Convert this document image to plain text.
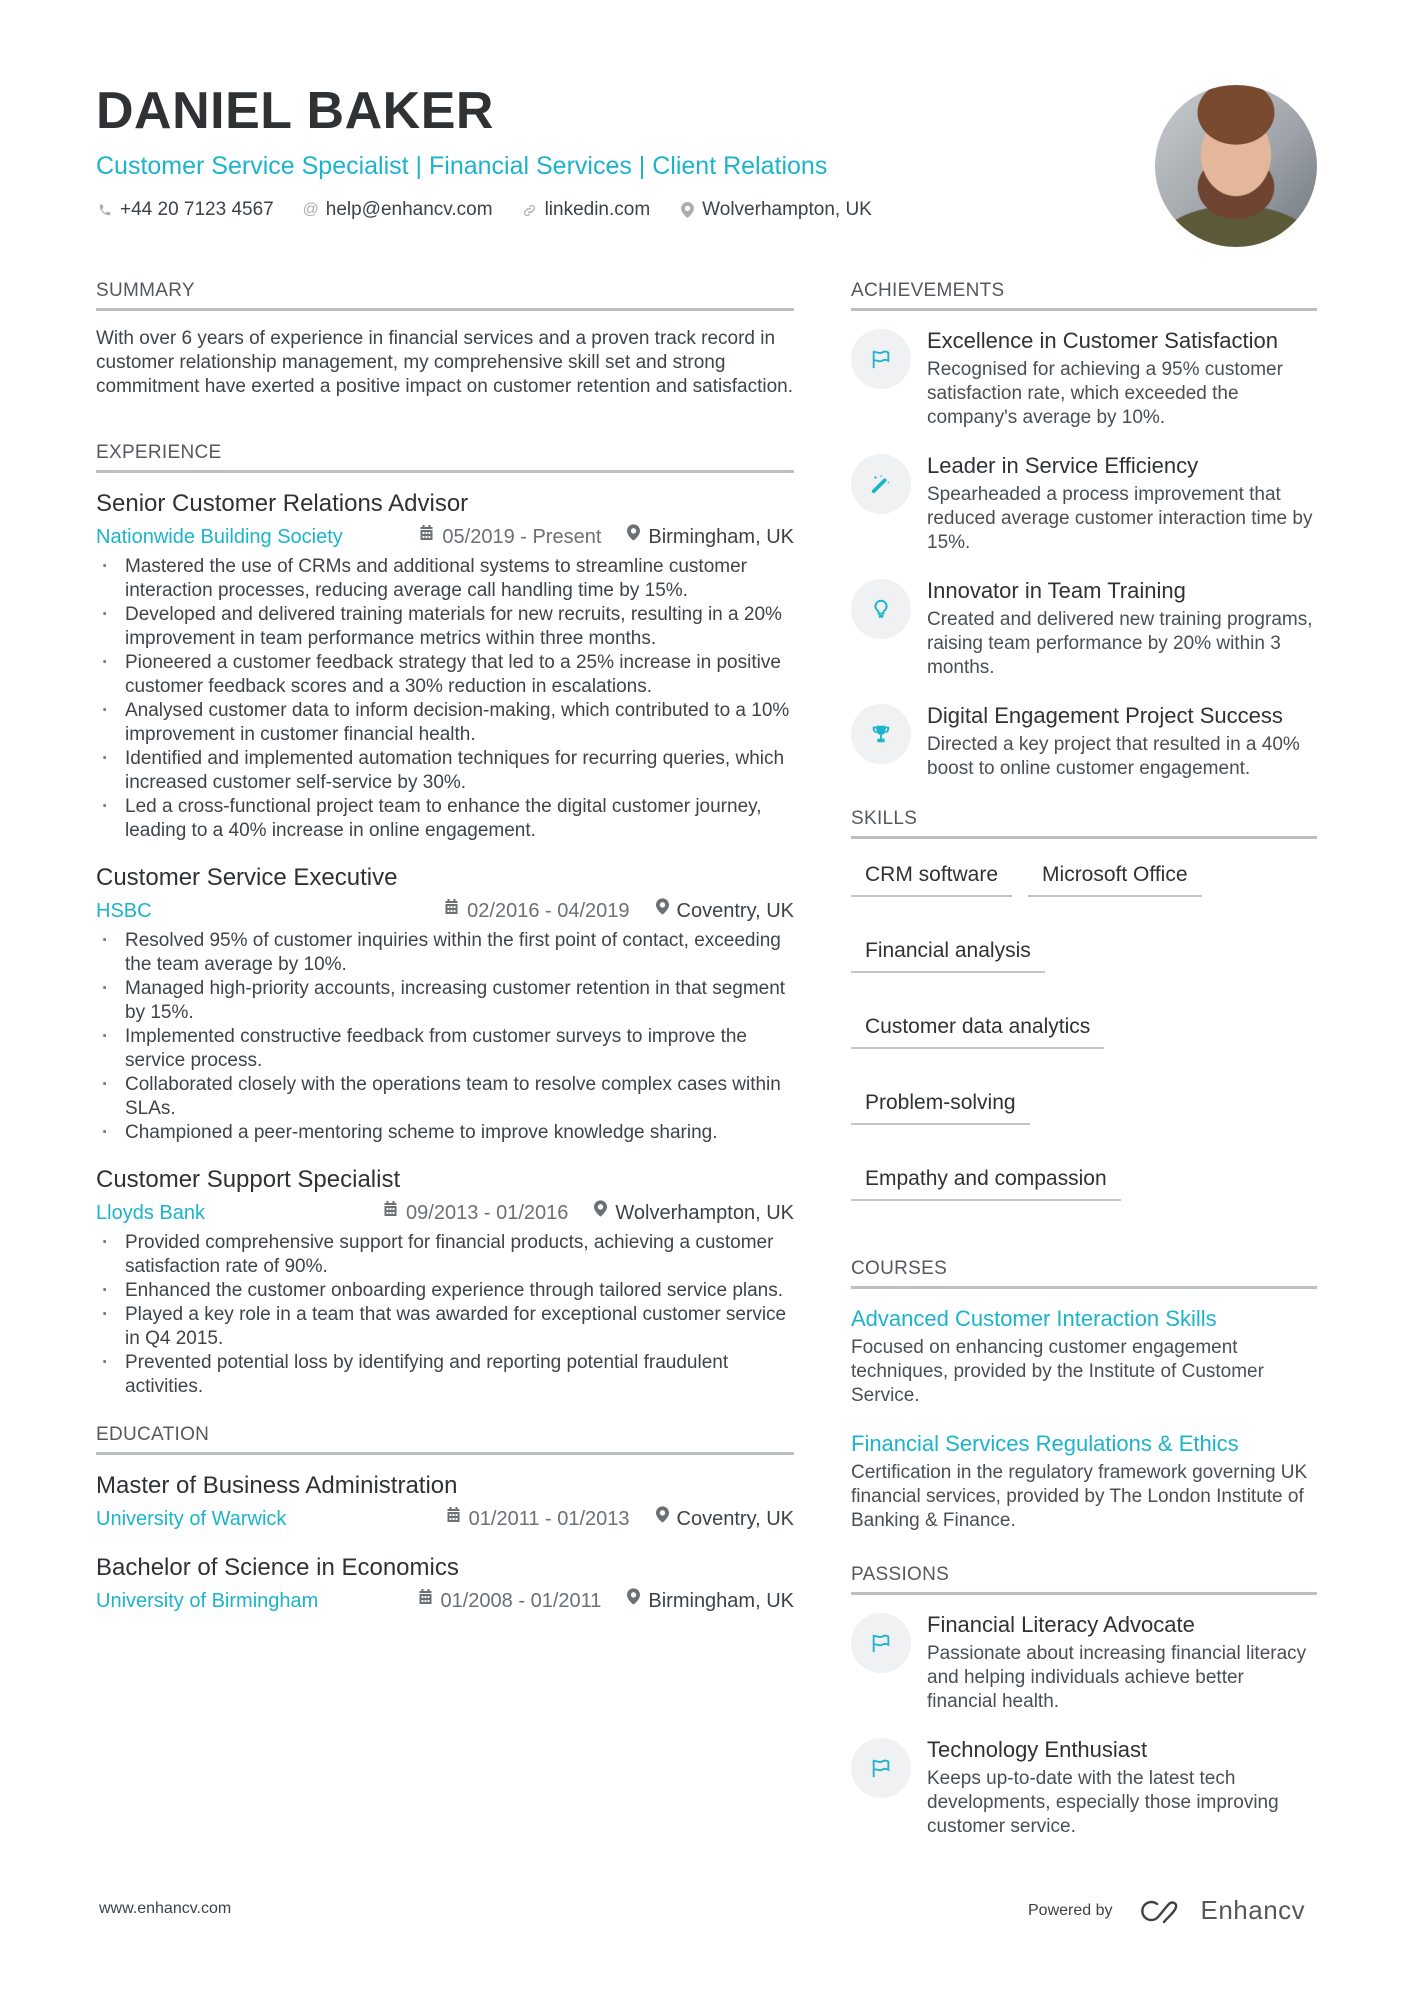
DANIEL BAKER
Customer Service Specialist | Financial Services | Client Relations
+44 20 7123 4567 @ help@enhancv.com	linkedin.com	Wolverhampton, UK
SUMMARY

With over 6 years of experience in financial services and a proven track record in customer relationship management, my comprehensive skill set and strong commitment have exerted a positive impact on customer retention and satisfaction.

EXPERIENCE
Senior Customer Relations Advisor
Nationwide Building Society	05/2019 - Present Birmingham, UK
· Mastered the use of CRMs and additional systems to streamline customer interaction processes, reducing average call handling time by 15%.
· Developed and delivered training materials for new recruits, resulting in a 20% improvement in team performance metrics within three months.
· Pioneered a customer feedback strategy that led to a 25% increase in positive customer feedback scores and a 30% reduction in escalations.
· Analysed customer data to inform decision-making, which contributed to a 10% improvement in customer financial health.
· Identified and implemented automation techniques for recurring queries, which increased customer self-service by 30%.
· Led a cross-functional project team to enhance the digital customer journey, leading to a 40% increase in online engagement.
Customer Service Executive
HSBC	02/2016 - 04/2019 Coventry, UK
· Resolved 95% of customer inquiries within the first point of contact, exceeding the team average by 10%.
· Managed high-priority accounts, increasing customer retention in that segment by 15%.
· Implemented constructive feedback from customer surveys to improve the service process.
· Collaborated closely with the operations team to resolve complex cases within SLAs.
· Championed a peer-mentoring scheme to improve knowledge sharing.
Customer Support Specialist
Lloyds Bank	09/2013 - 01/2016 Wolverhampton, UK
· Provided comprehensive support for financial products, achieving a customer satisfaction rate of 90%.
· Enhanced the customer onboarding experience through tailored service plans.
· Played a key role in a team that was awarded for exceptional customer service in Q4 2015.
· Prevented potential loss by identifying and reporting potential fraudulent activities.
EDUCATION
Master of Business Administration
University of Warwick	01/2011 - 01/2013 Coventry, UK
Bachelor of Science in Economics
University of Birmingham	01/2008 - 01/2011 Birmingham, UK
ACHIEVEMENTS
Excellence in Customer Satisfaction
Recognised for achieving a 95% customer satisfaction rate, which exceeded the company's average by 10%.
Leader in Service Efficiency
Spearheaded a process improvement that reduced average customer interaction time by 15%.
Innovator in Team Training
Created and delivered new training programs, raising team performance by 20% within 3 months.
Digital Engagement Project Success
Directed a key project that resulted in a 40% boost to online customer engagement.
SKILLS
CRM software	Microsoft Office
Financial analysis
Customer data analytics
Problem-solving
Empathy and compassion
COURSES
Advanced Customer Interaction Skills
Focused on enhancing customer engagement techniques, provided by the Institute of Customer Service.
Financial Services Regulations & Ethics
Certification in the regulatory framework governing UK financial services, provided by The London Institute of Banking & Finance.
PASSIONS
Financial Literacy Advocate
Passionate about increasing financial literacy and helping individuals achieve better financial health.
Technology Enthusiast
Keeps up-to-date with the latest tech developments, especially those improving customer service.
www.enhancv.com	Powered by	Enhancv
